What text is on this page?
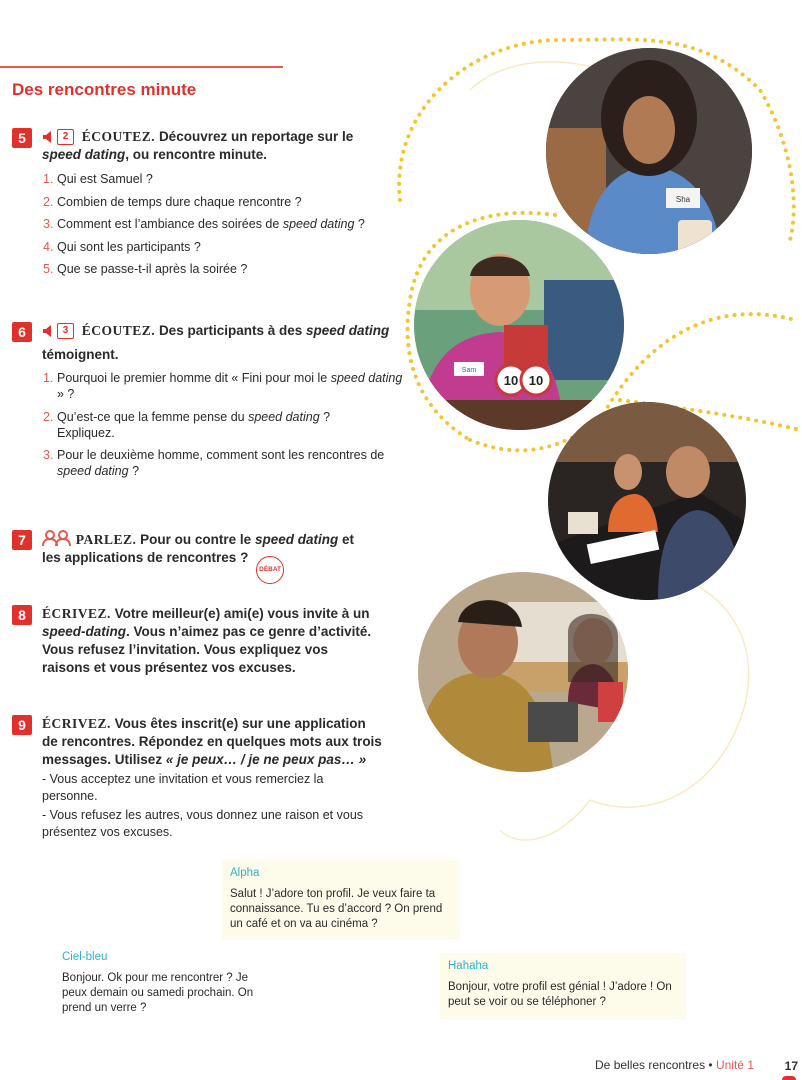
Des rencontres minute
5	2 ÉCOUTEZ. Découvrez un reportage sur le
speed dating, ou rencontre minute.
1. Qui est Samuel ?
2. Combien de temps dure chaque rencontre ?
3. Comment est l’ambiance des soirées de speed dating ?
4. Qui sont les participants ?
5. Que se passe-t-il après la soirée ?
6	3 ÉCOUTEZ. Des participants à des speed dating
témoignent.
1. Pourquoi le premier homme dit « Fini pour moi le speed dating » ?
2. Qu’est-ce que la femme pense du speed dating ? Expliquez.
3. Pour le deuxième homme, comment sont les rencontres de speed dating ?
7	PARLEZ. Pour ou contre le speed dating et les applications de rencontres ? DÉBAT
8	ÉCRIVEZ. Votre meilleur(e) ami(e) vous invite à un speed-dating. Vous n’aimez pas ce genre d’activité. Vous refusez l’invitation. Vous expliquez vos raisons et vous présentez vos excuses.
9	ÉCRIVEZ. Vous êtes inscrit(e) sur une application de rencontres. Répondez en quelques mots aux trois messages. Utilisez « je peux… / je ne peux pas… »
- Vous acceptez une invitation et vous remerciez la personne.
- Vous refusez les autres, vous donnez une raison et vous présentez vos excuses.
Alpha
Salut ! J’adore ton profil. Je veux faire ta connaissance. Tu es d’accord ? On prend un café et on va au cinéma ?
Ciel-bleu
Bonjour. Ok pour me rencontrer ? Je peux demain ou samedi prochain. On prend un verre ?
Hahaha
Bonjour, votre profil est génial ! J’adore ! On peut se voir ou se téléphoner ?
Sha
10 10
Sam
De belles rencontres • Unité 1	17
